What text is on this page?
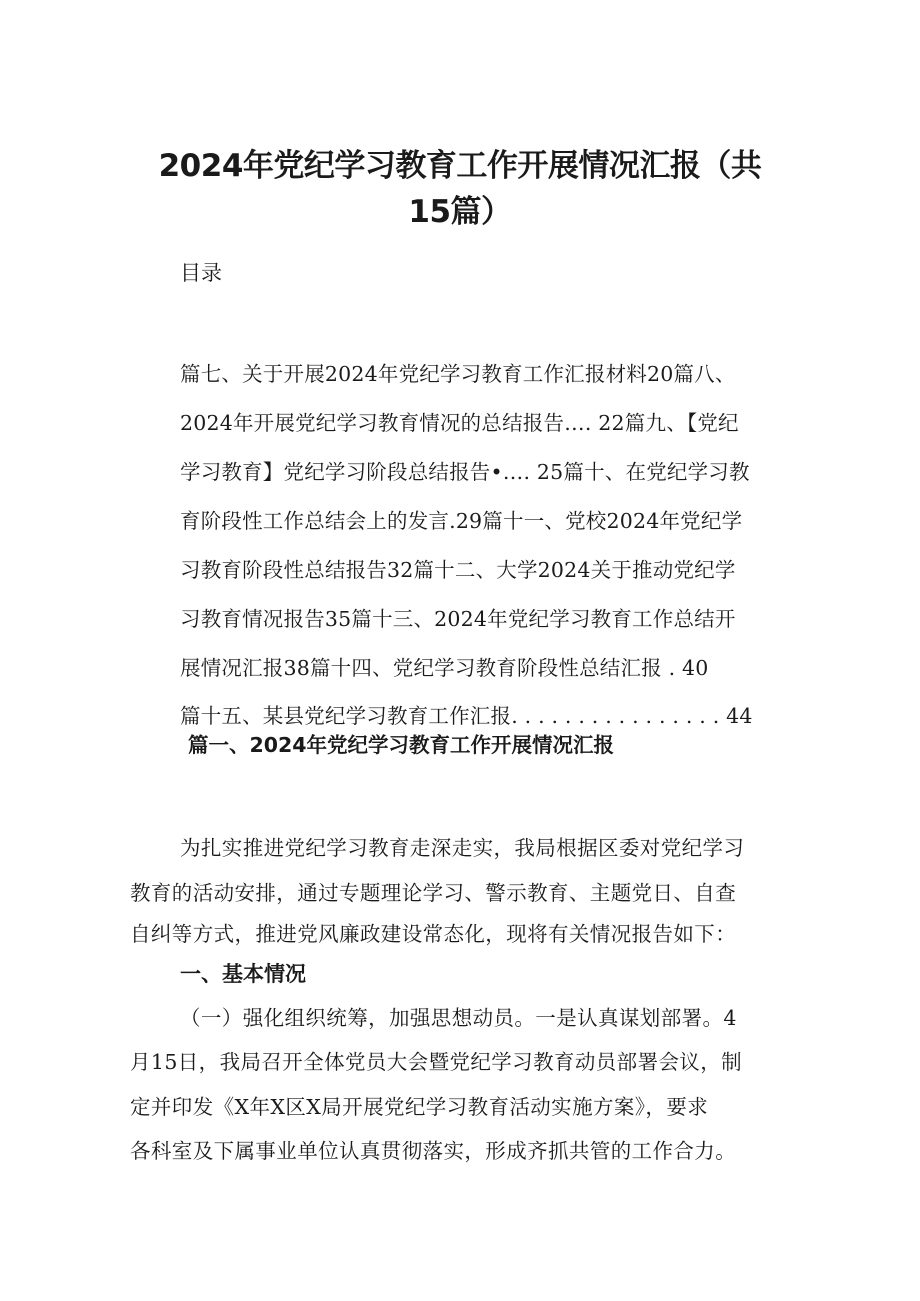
2024年党纪学习教育工作开展情况汇报（共
15篇）
目录
篇七、关于开展2024年党纪学习教育工作汇报材料20篇八、
2024年开展党纪学习教育情况的总结报告…. 22篇九、【党纪
学习教育】党纪学习阶段总结报告•…. 25篇十、在党纪学习教
育阶段性工作总结会上的发言.29篇十一、党校2024年党纪学
习教育阶段性总结报告32篇十二、大学2024关于推动党纪学
习教育情况报告35篇十三、2024年党纪学习教育工作总结开
展情况汇报38篇十四、党纪学习教育阶段性总结汇报 . 40
篇十五、某县党纪学习教育工作汇报. . . . . . . . . . . . . . . . 44
篇一、2024年党纪学习教育工作开展情况汇报
为扎实推进党纪学习教育走深走实，我局根据区委对党纪学习
教育的活动安排，通过专题理论学习、警示教育、主题党日、自查
自纠等方式，推进党风廉政建设常态化，现将有关情况报告如下：
一、基本情况
（一）强化组织统筹，加强思想动员。一是认真谋划部署。4
月15日，我局召开全体党员大会暨党纪学习教育动员部署会议，制
定并印发《X年X区X局开展党纪学习教育活动实施方案》，要求
各科室及下属事业单位认真贯彻落实，形成齐抓共管的工作合力。
